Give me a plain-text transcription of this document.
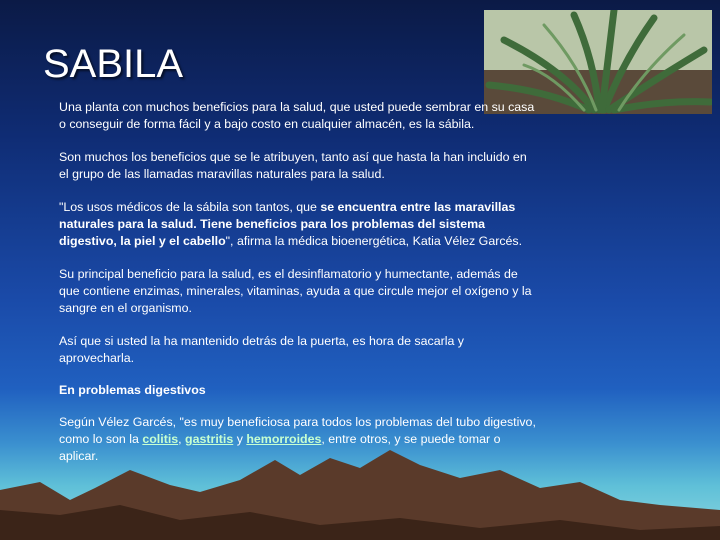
SABILA

Una planta con muchos beneficios para la salud, que usted puede sembrar en su casa o conseguir de forma fácil y a bajo costo en cualquier almacén, es la sábila.

Son muchos los beneficios que se le atribuyen, tanto así que hasta la han incluido en el grupo de las llamadas maravillas naturales para la salud.

"Los usos médicos de la sábila son tantos, que se encuentra entre las maravillas naturales para la salud. Tiene beneficios para los problemas del sistema digestivo, la piel y el cabello", afirma la médica bioenergética, Katia Vélez Garcés.

Su principal beneficio para la salud, es el desinflamatorio y humectante, además de que contiene enzimas, minerales, vitaminas, ayuda a que circule mejor el oxígeno y la sangre en el organismo.

Así que si usted la ha mantenido detrás de la puerta, es hora de sacarla y aprovecharla.

En problemas digestivos

Según Vélez Garcés, "es muy beneficiosa para todos los problemas del tubo digestivo, como lo son la colitis, gastritis y hemorroides, entre otros, y se puede tomar o aplicar.
